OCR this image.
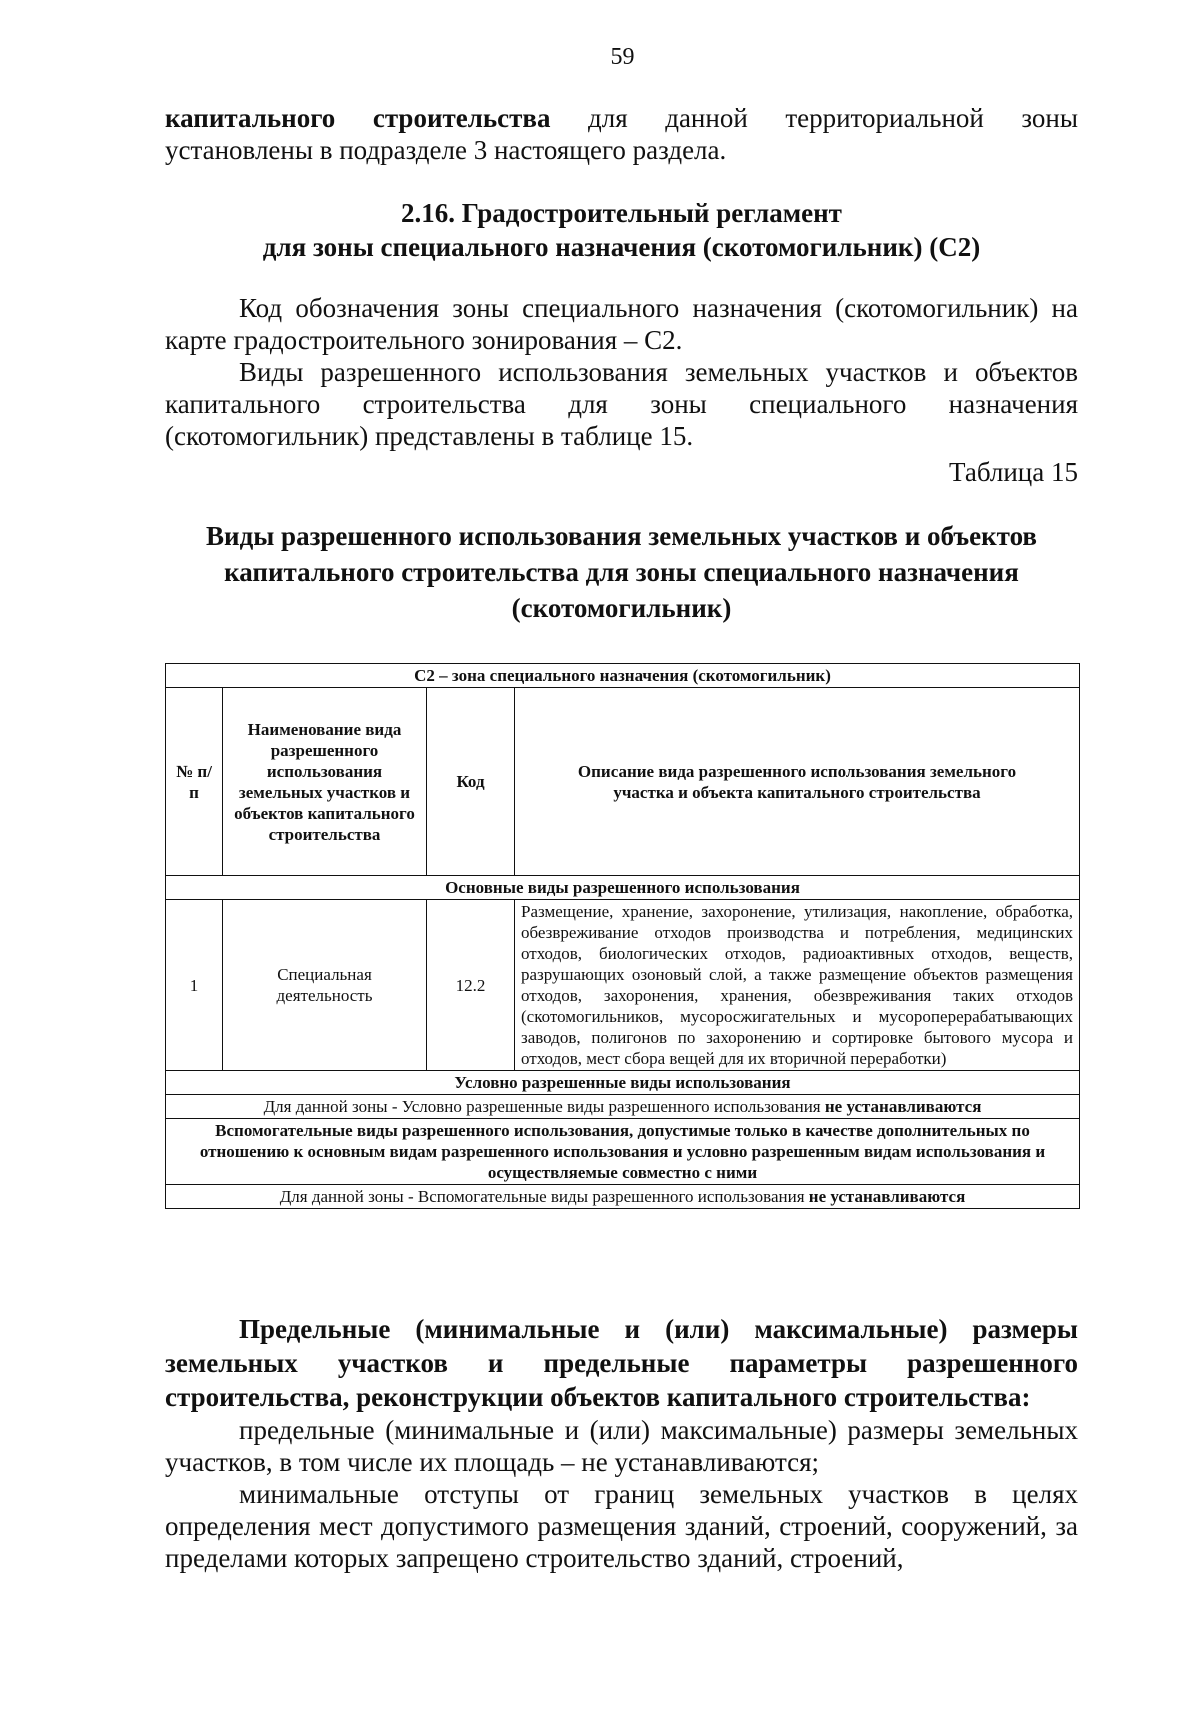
59

капитального строительства для данной территориальной зоны

установлены в подразделе 3 настоящего раздела.

2.16. Градостроительный регламент
для зоны специального назначения (скотомогильник) (С2)

Код обозначения зоны специального назначения (скотомогильник) на карте градостроительного зонирования – С2.

Виды разрешенного использования земельных участков и объектов капитального строительства для зоны специального назначения (скотомогильник) представлены в таблице 15.

Таблица 15
Виды разрешенного использования земельных участков и объектов
капитального строительства для зоны специального назначения
(скотомогильник)
С2 – зона специального назначения (скотомогильник)			
№ п/п	Наименование вида разрешенного использования земельных участков и объектов капитального строительства	Код	Описание вида разрешенного использования земельного участка и объекта капитального строительства
Основные виды разрешенного использования			
1	Специальная деятельность	12.2	Размещение, хранение, захоронение, утилизация, накопление, обработка, обезвреживание отходов производства и потребления, медицинских отходов, биологических отходов, радиоактивных отходов, веществ, разрушающих озоновый слой, а также размещение объектов размещения отходов, захоронения, хранения, обезвреживания таких отходов (скотомогильников, мусоросжигательных и мусороперерабатывающих заводов, полигонов по захоронению и сортировке бытового мусора и отходов, мест сбора вещей для их вторичной переработки)
Условно разрешенные виды использования			
Для данной зоны - Условно разрешенные виды разрешенного использования не устанавливаются			
Вспомогательные виды разрешенного использования, допустимые только в качестве дополнительных по отношению к основным видам разрешенного использования и условно разрешенным видам использования и осуществляемые совместно с ними			
Для данной зоны - Вспомогательные виды разрешенного использования не устанавливаются			

Предельные (минимальные и (или) максимальные) размеры земельных участков и предельные параметры разрешенного строительства, реконструкции объектов капитального строительства:

предельные (минимальные и (или) максимальные) размеры земельных участков, в том числе их площадь – не устанавливаются;

минимальные отступы от границ земельных участков в целях определения мест допустимого размещения зданий, строений, сооружений, за пределами которых запрещено строительство зданий, строений,
